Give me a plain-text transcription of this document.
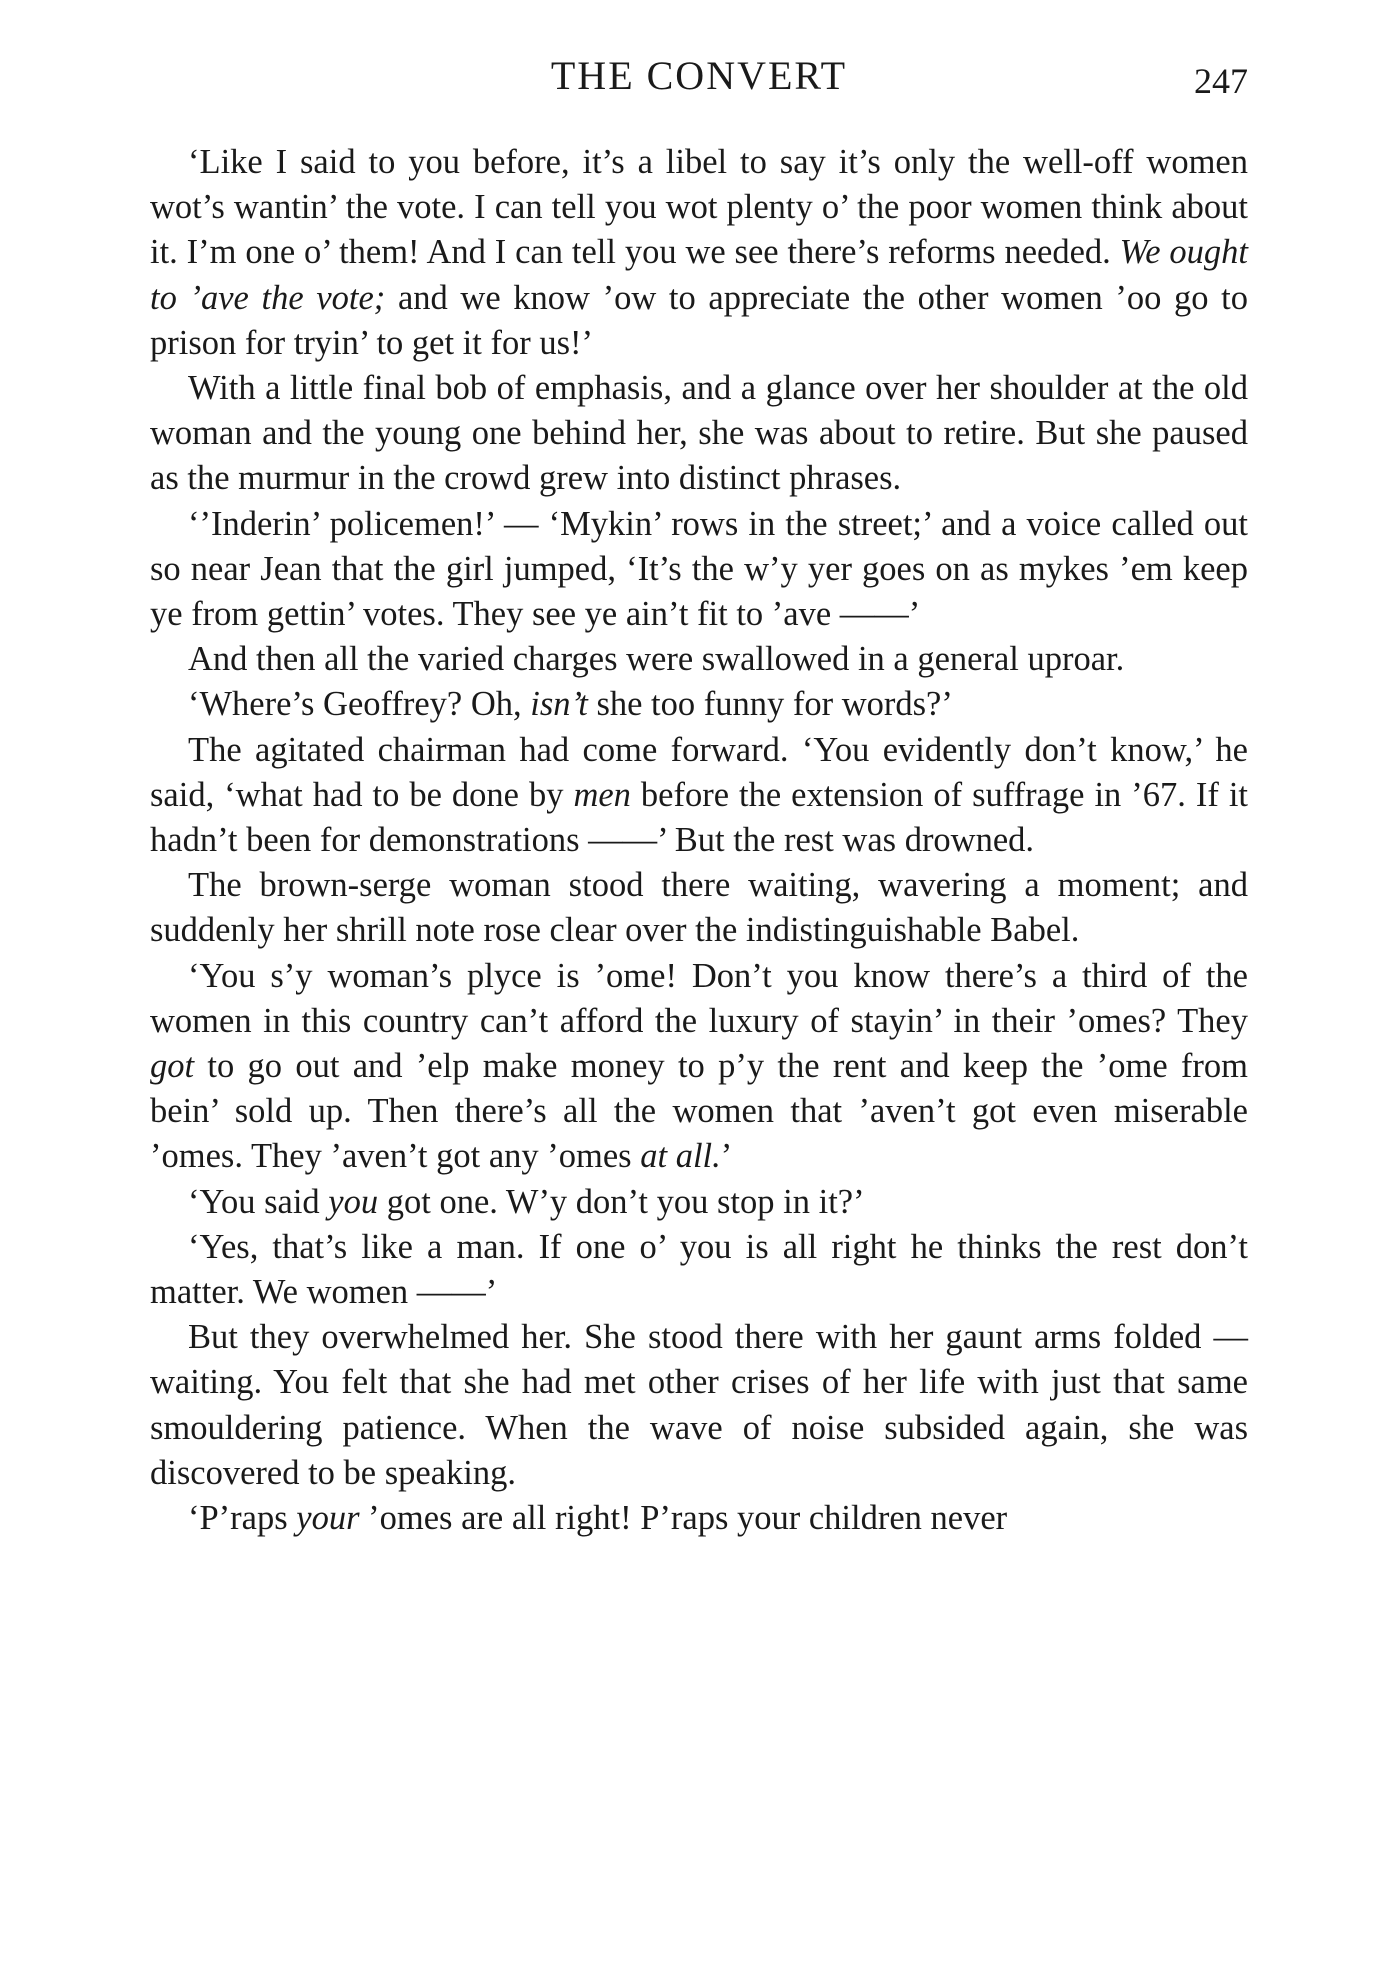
THE CONVERT	247

‘Like I said to you before, it’s a libel to say it’s only the well-off women wot’s wantin’ the vote. I can tell you wot plenty o’ the poor women think about it. I’m one o’ them! And I can tell you we see there’s reforms needed. We ought to ’ave the vote; and we know ’ow to appreciate the other women ’oo go to prison for tryin’ to get it for us!’

With a little final bob of emphasis, and a glance over her shoulder at the old woman and the young one behind her, she was about to retire. But she paused as the murmur in the crowd grew into distinct phrases.

‘’Inderin’ policemen!’ — ‘Mykin’ rows in the street;’ and a voice called out so near Jean that the girl jumped, ‘It’s the w’y yer goes on as mykes ’em keep ye from gettin’ votes. They see ye ain’t fit to ’ave ——’

And then all the varied charges were swallowed in a general uproar.

‘Where’s Geoffrey? Oh, isn’t she too funny for words?’

The agitated chairman had come forward. ‘You evidently don’t know,’ he said, ‘what had to be done by men before the extension of suffrage in ’67. If it hadn’t been for demonstrations ——’ But the rest was drowned.

The brown-serge woman stood there waiting, wavering a moment; and suddenly her shrill note rose clear over the indistinguishable Babel.

‘You s’y woman’s plyce is ’ome! Don’t you know there’s a third of the women in this country can’t afford the luxury of stayin’ in their ’omes? They got to go out and ’elp make money to p’y the rent and keep the ’ome from bein’ sold up. Then there’s all the women that ’aven’t got even miserable ’omes. They ’aven’t got any ’omes at all.’

‘You said you got one. W’y don’t you stop in it?’

‘Yes, that’s like a man. If one o’ you is all right he thinks the rest don’t matter. We women ——’

But they overwhelmed her. She stood there with her gaunt arms folded — waiting. You felt that she had met other crises of her life with just that same smouldering patience. When the wave of noise subsided again, she was discovered to be speaking.

‘P’raps your ’omes are all right! P’raps your children never
